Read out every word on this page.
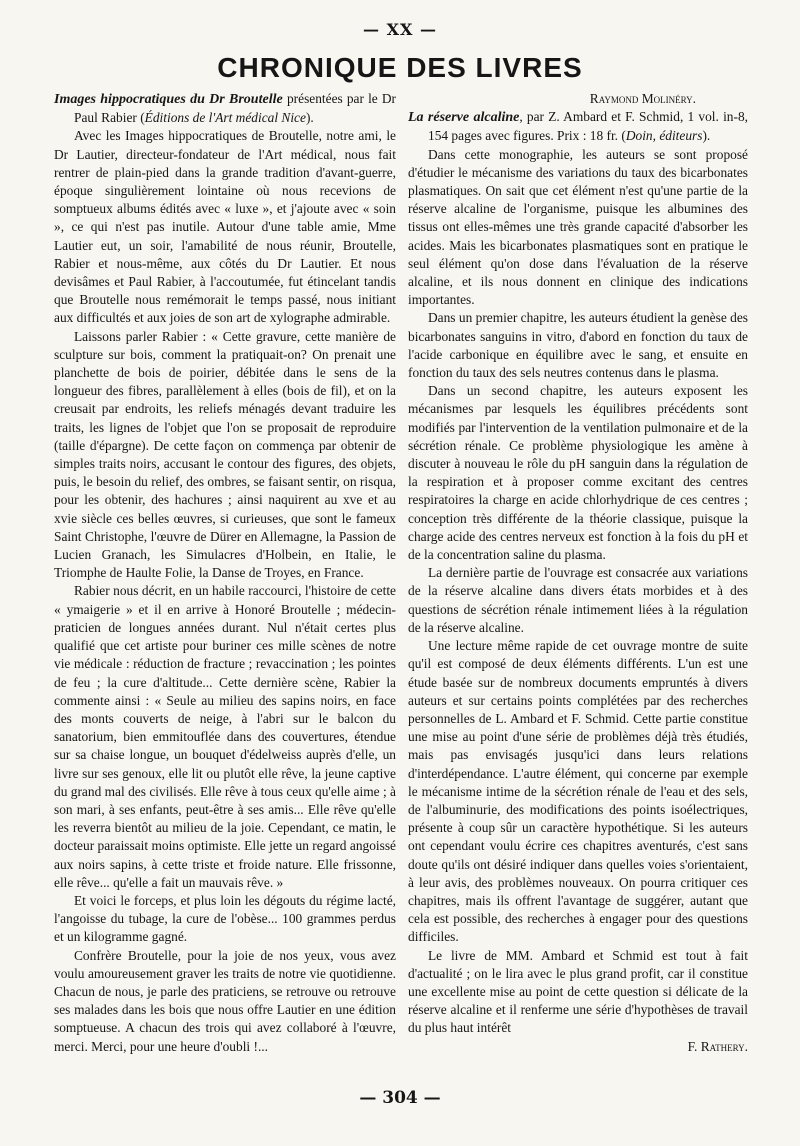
— XX —
CHRONIQUE DES LIVRES

Images hippocratiques du Dr Broutelle présentées par le Dr Paul Rabier (Éditions de l'Art médical Nice).

Avec les Images hippocratiques de Broutelle, notre ami, le Dr Lautier, directeur-fondateur de l'Art médical, nous fait rentrer de plain-pied dans la grande tradition d'avant-guerre, époque singulièrement lointaine où nous recevions de somptueux albums édités avec « luxe », et j'ajoute avec « soin », ce qui n'est pas inutile. Autour d'une table amie, Mme Lautier eut, un soir, l'amabilité de nous réunir, Broutelle, Rabier et nous-même, aux côtés du Dr Lautier. Et nous devisâmes et Paul Rabier, à l'accoutumée, fut étincelant tandis que Broutelle nous remémorait le temps passé, nous initiant aux difficultés et aux joies de son art de xylographe admirable.

Laissons parler Rabier : « Cette gravure, cette manière de sculpture sur bois, comment la pratiquait-on? On prenait une planchette de bois de poirier, débitée dans le sens de la longueur des fibres, parallèlement à elles (bois de fil), et on la creusait par endroits, les reliefs ménagés devant traduire les traits, les lignes de l'objet que l'on se proposait de reproduire (taille d'épargne). De cette façon on commença par obtenir de simples traits noirs, accusant le contour des figures, des objets, puis, le besoin du relief, des ombres, se faisant sentir, on risqua, pour les obtenir, des hachures ; ainsi naquirent au xve et au xvie siècle ces belles œuvres, si curieuses, que sont le fameux Saint Christophe, l'œuvre de Dürer en Allemagne, la Passion de Lucien Granach, les Simulacres d'Holbein, en Italie, le Triomphe de Haulte Folie, la Danse de Troyes, en France.

Rabier nous décrit, en un habile raccourci, l'histoire de cette « ymaigerie » et il en arrive à Honoré Broutelle ; médecin-praticien de longues années durant. Nul n'était certes plus qualifié que cet artiste pour buriner ces mille scènes de notre vie médicale : réduction de fracture ; revaccination ; les pointes de feu ; la cure d'altitude... Cette dernière scène, Rabier la commente ainsi : « Seule au milieu des sapins noirs, en face des monts couverts de neige, à l'abri sur le balcon du sanatorium, bien emmitouflée dans des couvertures, étendue sur sa chaise longue, un bouquet d'édelweiss auprès d'elle, un livre sur ses genoux, elle lit ou plutôt elle rêve, la jeune captive du grand mal des civilisés. Elle rêve à tous ceux qu'elle aime ; à son mari, à ses enfants, peut-être à ses amis... Elle rêve qu'elle les reverra bientôt au milieu de la joie. Cependant, ce matin, le docteur paraissait moins optimiste. Elle jette un regard angoissé aux noirs sapins, à cette triste et froide nature. Elle frissonne, elle rêve... qu'elle a fait un mauvais rêve. »

Et voici le forceps, et plus loin les dégouts du régime lacté, l'angoisse du tubage, la cure de l'obèse... 100 grammes perdus et un kilogramme gagné.

Confrère Broutelle, pour la joie de nos yeux, vous avez voulu amoureusement graver les traits de notre vie quotidienne. Chacun de nous, je parle des praticiens, se retrouve ou retrouve ses malades dans les bois que nous offre Lautier en une édition somptueuse. A chacun des trois qui avez collaboré à l'œuvre, merci. Merci, pour une heure d'oubli !...

Raymond Molinéry.

La réserve alcaline, par Z. Ambard et F. Schmid, 1 vol. in-8, 154 pages avec figures. Prix : 18 fr. (Doin, éditeurs).

Dans cette monographie, les auteurs se sont proposé d'étudier le mécanisme des variations du taux des bicarbonates plasmatiques. On sait que cet élément n'est qu'une partie de la réserve alcaline de l'organisme, puisque les albumines des tissus ont elles-mêmes une très grande capacité d'absorber les acides. Mais les bicarbonates plasmatiques sont en pratique le seul élément qu'on dose dans l'évaluation de la réserve alcaline, et ils nous donnent en clinique des indications importantes.

Dans un premier chapitre, les auteurs étudient la genèse des bicarbonates sanguins in vitro, d'abord en fonction du taux de l'acide carbonique en équilibre avec le sang, et ensuite en fonction du taux des sels neutres contenus dans le plasma.

Dans un second chapitre, les auteurs exposent les mécanismes par lesquels les équilibres précédents sont modifiés par l'intervention de la ventilation pulmonaire et de la sécrétion rénale. Ce problème physiologique les amène à discuter à nouveau le rôle du pH sanguin dans la régulation de la respiration et à proposer comme excitant des centres respiratoires la charge en acide chlorhydrique de ces centres ; conception très différente de la théorie classique, puisque la charge acide des centres nerveux est fonction à la fois du pH et de la concentration saline du plasma.

La dernière partie de l'ouvrage est consacrée aux variations de la réserve alcaline dans divers états morbides et à des questions de sécrétion rénale intimement liées à la régulation de la réserve alcaline.

Une lecture même rapide de cet ouvrage montre de suite qu'il est composé de deux éléments différents. L'un est une étude basée sur de nombreux documents empruntés à divers auteurs et sur certains points complétées par des recherches personnelles de L. Ambard et F. Schmid. Cette partie constitue une mise au point d'une série de problèmes déjà très étudiés, mais pas envisagés jusqu'ici dans leurs relations d'interdépendance. L'autre élément, qui concerne par exemple le mécanisme intime de la sécrétion rénale de l'eau et des sels, de l'albuminurie, des modifications des points isoélectriques, présente à coup sûr un caractère hypothétique. Si les auteurs ont cependant voulu écrire ces chapitres aventurés, c'est sans doute qu'ils ont désiré indiquer dans quelles voies s'orientaient, à leur avis, des problèmes nouveaux. On pourra critiquer ces chapitres, mais ils offrent l'avantage de suggérer, autant que cela est possible, des recherches à engager pour des questions difficiles.

Le livre de MM. Ambard et Schmid est tout à fait d'actualité ; on le lira avec le plus grand profit, car il constitue une excellente mise au point de cette question si délicate de la réserve alcaline et il renferme une série d'hypothèses de travail du plus haut intérêt

F. Rathery.

— 304 —
